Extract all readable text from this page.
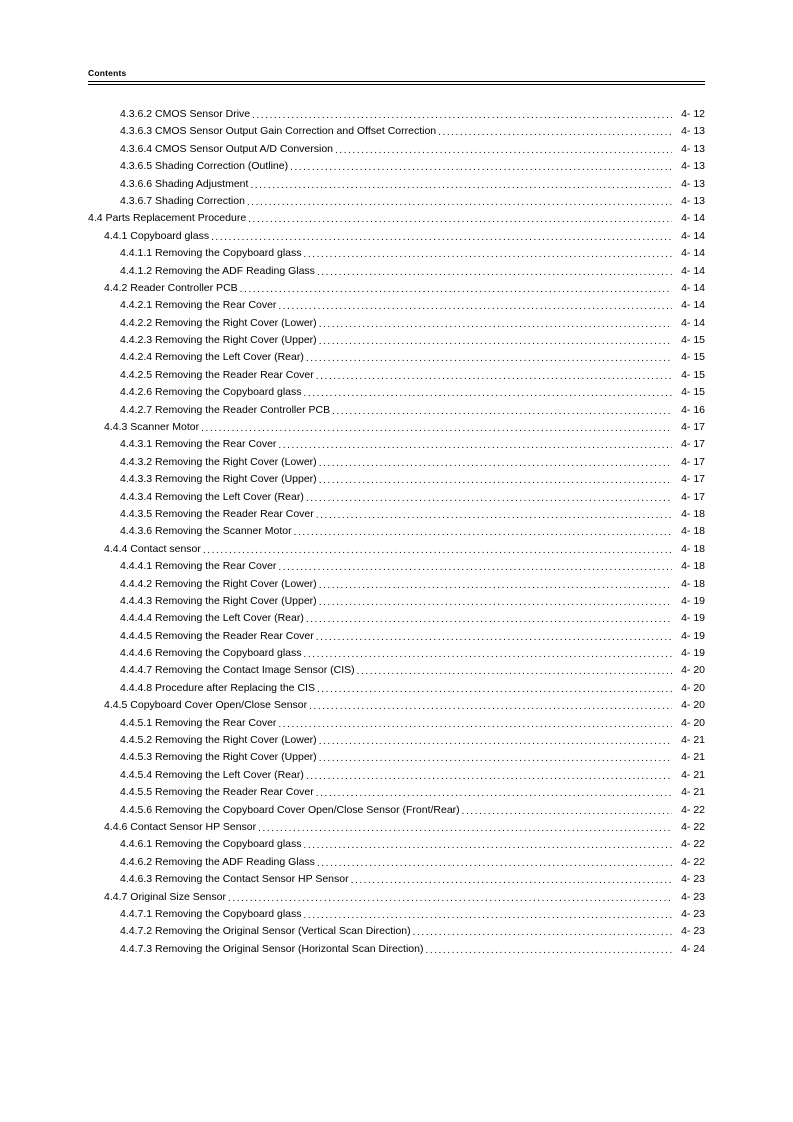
Contents
4.3.6.2 CMOS Sensor Drive . . .	4- 12
4.3.6.3 CMOS Sensor Output Gain Correction and Offset Correction . . .	4- 13
4.3.6.4 CMOS Sensor Output A/D Conversion . . .	4- 13
4.3.6.5 Shading Correction (Outline) . . .	4- 13
4.3.6.6 Shading Adjustment . . .	4- 13
4.3.6.7 Shading Correction . . .	4- 13
4.4 Parts Replacement Procedure . . .	4- 14
4.4.1 Copyboard glass . . .	4- 14
4.4.1.1 Removing the Copyboard glass . . .	4- 14
4.4.1.2 Removing the ADF Reading Glass . . .	4- 14
4.4.2 Reader Controller PCB . . .	4- 14
4.4.2.1 Removing the Rear Cover . . .	4- 14
4.4.2.2 Removing the Right Cover (Lower) . . .	4- 14
4.4.2.3 Removing the Right Cover (Upper) . . .	4- 15
4.4.2.4 Removing the Left Cover (Rear) . . .	4- 15
4.4.2.5 Removing the Reader Rear Cover . . .	4- 15
4.4.2.6 Removing the Copyboard glass . . .	4- 15
4.4.2.7 Removing the Reader Controller PCB . . .	4- 16
4.4.3 Scanner Motor . . .	4- 17
4.4.3.1 Removing the Rear Cover . . .	4- 17
4.4.3.2 Removing the Right Cover (Lower) . . .	4- 17
4.4.3.3 Removing the Right Cover (Upper) . . .	4- 17
4.4.3.4 Removing the Left Cover (Rear) . . .	4- 17
4.4.3.5 Removing the Reader Rear Cover . . .	4- 18
4.4.3.6 Removing the Scanner Motor . . .	4- 18
4.4.4 Contact sensor . . .	4- 18
4.4.4.1 Removing the Rear Cover . . .	4- 18
4.4.4.2 Removing the Right Cover (Lower) . . .	4- 18
4.4.4.3 Removing the Right Cover (Upper) . . .	4- 19
4.4.4.4 Removing the Left Cover (Rear) . . .	4- 19
4.4.4.5 Removing the Reader Rear Cover . . .	4- 19
4.4.4.6 Removing the Copyboard glass . . .	4- 19
4.4.4.7 Removing the Contact Image Sensor (CIS) . . .	4- 20
4.4.4.8 Procedure after Replacing the CIS . . .	4- 20
4.4.5 Copyboard Cover Open/Close Sensor . . .	4- 20
4.4.5.1 Removing the Rear Cover . . .	4- 20
4.4.5.2 Removing the Right Cover (Lower) . . .	4- 21
4.4.5.3 Removing the Right Cover (Upper) . . .	4- 21
4.4.5.4 Removing the Left Cover (Rear) . . .	4- 21
4.4.5.5 Removing the Reader Rear Cover . . .	4- 21
4.4.5.6 Removing the Copyboard Cover Open/Close Sensor (Front/Rear) . . .	4- 22
4.4.6 Contact Sensor HP Sensor . . .	4- 22
4.4.6.1 Removing the Copyboard glass . . .	4- 22
4.4.6.2 Removing the ADF Reading Glass . . .	4- 22
4.4.6.3 Removing the Contact Sensor HP Sensor . . .	4- 23
4.4.7 Original Size Sensor . . .	4- 23
4.4.7.1 Removing the Copyboard glass . . .	4- 23
4.4.7.2 Removing the Original Sensor (Vertical Scan Direction) . . .	4- 23
4.4.7.3 Removing the Original Sensor (Horizontal Scan Direction) . . .	4- 24
